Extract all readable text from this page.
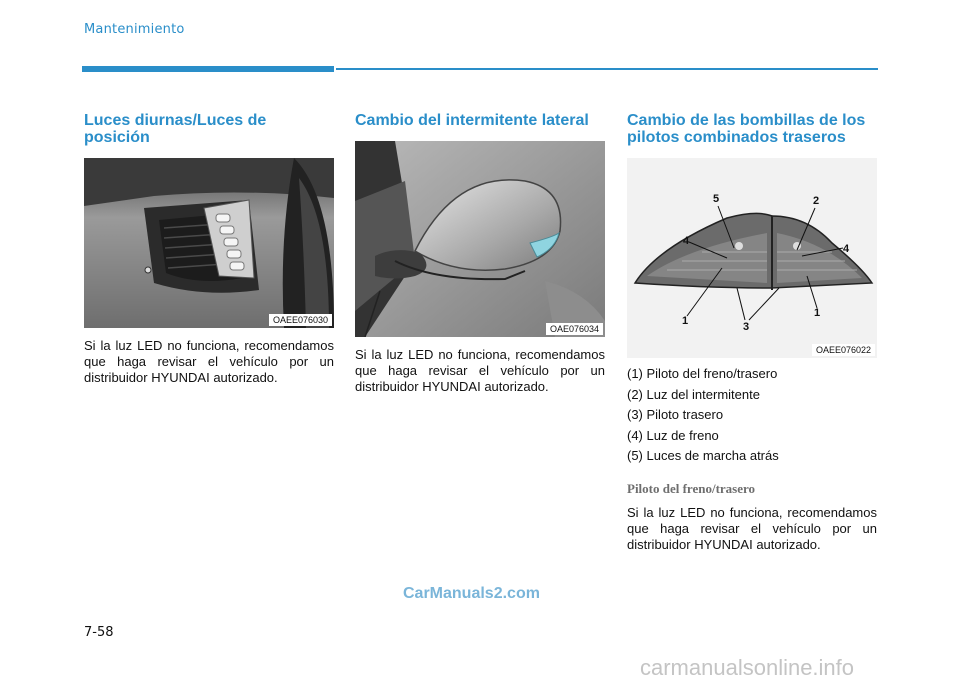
Mantenimiento
Luces diurnas/Luces de posición
OAEE076030

Si la luz LED no funciona, recomendamos que haga revisar el vehículo por un distribuidor HYUNDAI autorizado.

Cambio del intermitente lateral
OAE076034

Si la luz LED no funciona, recomendamos que haga revisar el vehículo por un distribuidor HYUNDAI autorizado.

Cambio de las bombillas de los pilotos combinados traseros
5	2
4
4
1	3
1
OAEE076022
(1) Piloto del freno/trasero
(2) Luz del intermitente
(3) Piloto trasero
(4) Luz de freno
(5) Luces de marcha atrás
Piloto del freno/trasero

Si la luz LED no funciona, recomendamos que haga revisar el vehículo por un distribuidor HYUNDAI autorizado.

CarManuals2.com
7-58
carmanualsonline.info
